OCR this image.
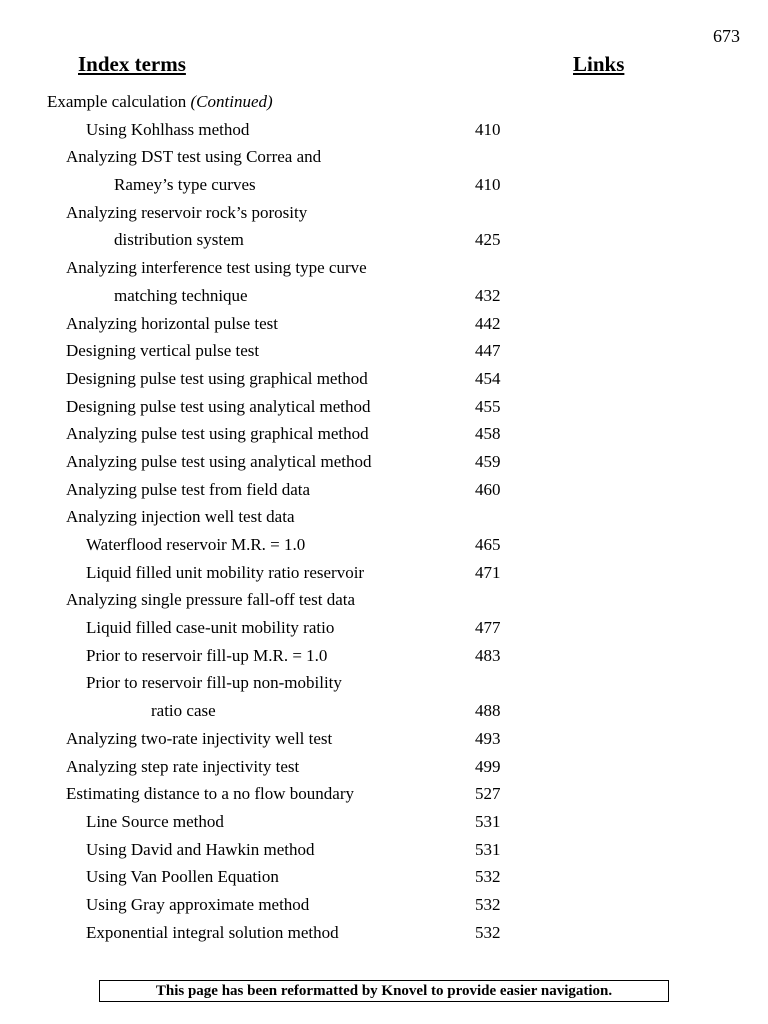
673
Index terms	Links
Example calculation (Continued)
Using Kohlhass method	410
Analyzing DST test using Correa and
Ramey’s type curves	410
Analyzing reservoir rock’s porosity
distribution system	425
Analyzing interference test using type curve
matching technique	432
Analyzing horizontal pulse test	442
Designing vertical pulse test	447
Designing pulse test using graphical method	454
Designing pulse test using analytical method	455
Analyzing pulse test using graphical method	458
Analyzing pulse test using analytical method	459
Analyzing pulse test from field data	460
Analyzing injection well test data
Waterflood reservoir M.R. = 1.0	465
Liquid filled unit mobility ratio reservoir	471
Analyzing single pressure fall-off test data
Liquid filled case-unit mobility ratio	477
Prior to reservoir fill-up M.R. = 1.0	483
Prior to reservoir fill-up non-mobility
ratio case	488
Analyzing two-rate injectivity well test	493
Analyzing step rate injectivity test	499
Estimating distance to a no flow boundary	527
Line Source method	531
Using David and Hawkin method	531
Using Van Poollen Equation	532
Using Gray approximate method	532
Exponential integral solution method	532
This page has been reformatted by Knovel to provide easier navigation.
